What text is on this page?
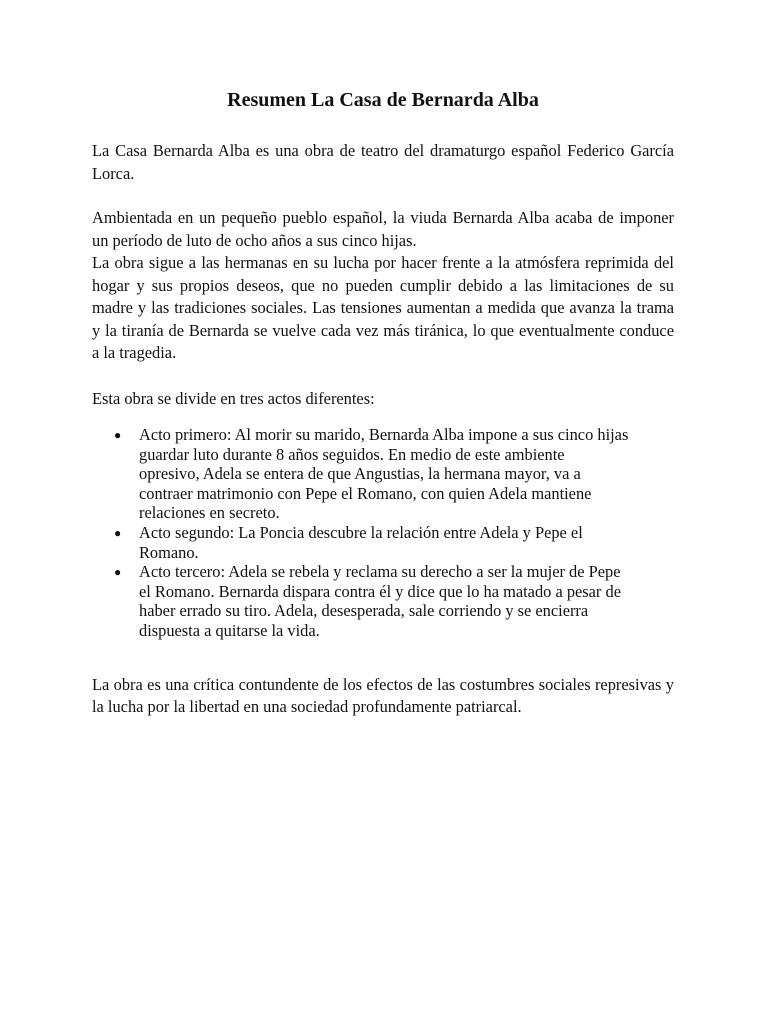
Resumen La Casa de Bernarda Alba

La Casa Bernarda Alba es una obra de teatro del dramaturgo español Federico García Lorca.

Ambientada en un pequeño pueblo español, la viuda Bernarda Alba acaba de imponer un período de luto de ocho años a sus cinco hijas.

La obra sigue a las hermanas en su lucha por hacer frente a la atmósfera reprimida del hogar y sus propios deseos, que no pueden cumplir debido a las limitaciones de su madre y las tradiciones sociales. Las tensiones aumentan a medida que avanza la trama y la tiranía de Bernarda se vuelve cada vez más tiránica, lo que eventualmente conduce a la tragedia.

Esta obra se divide en tres actos diferentes:

● Acto primero: Al morir su marido, Bernarda Alba impone a sus cinco hijas guardar luto durante 8 años seguidos. En medio de este ambiente opresivo, Adela se entera de que Angustias, la hermana mayor, va a contraer matrimonio con Pepe el Romano, con quien Adela mantiene relaciones en secreto.
● Acto segundo: La Poncia descubre la relación entre Adela y Pepe el Romano.
● Acto tercero: Adela se rebela y reclama su derecho a ser la mujer de Pepe el Romano. Bernarda dispara contra él y dice que lo ha matado a pesar de haber errado su tiro. Adela, desesperada, sale corriendo y se encierra dispuesta a quitarse la vida.

La obra es una crítica contundente de los efectos de las costumbres sociales represivas y la lucha por la libertad en una sociedad profundamente patriarcal.
